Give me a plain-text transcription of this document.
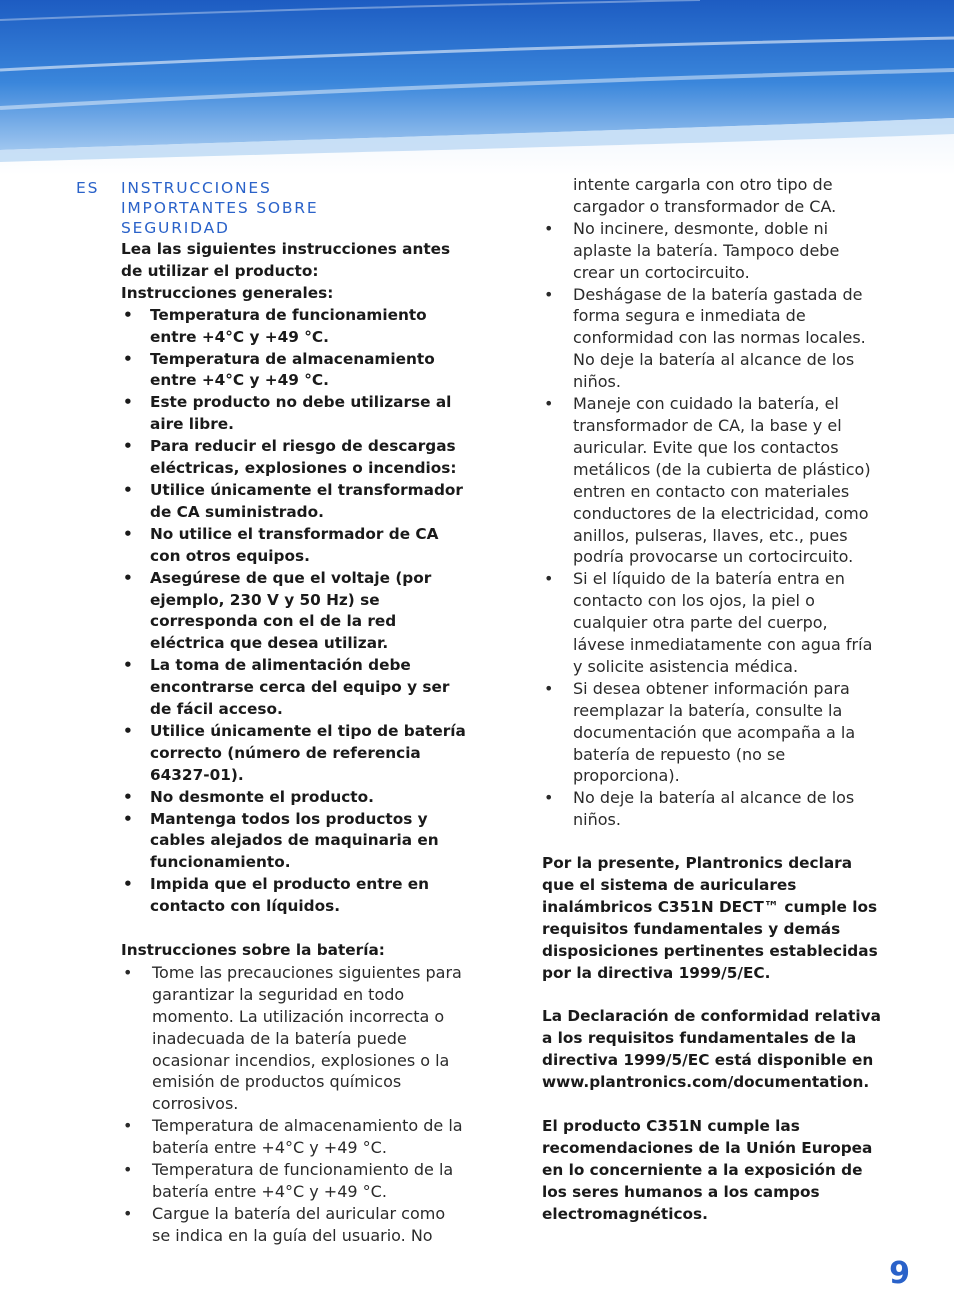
ES INSTRUCCIONES
IMPORTANTES SOBRE
SEGURIDAD

Lea las siguientes instrucciones antes de utilizar el producto:

Instrucciones generales:

• Temperatura de funcionamiento entre +4°C y +49 °C.
• Temperatura de almacenamiento entre +4°C y +49 °C.
• Este producto no debe utilizarse al aire libre.
• Para reducir el riesgo de descargas eléctricas, explosiones o incendios:
• Utilice únicamente el transformador de CA suministrado.
• No utilice el transformador de CA con otros equipos.
• Asegúrese de que el voltaje (por ejemplo, 230 V y 50 Hz) se corresponda con el de la red eléctrica que desea utilizar.
• La toma de alimentación debe encontrarse cerca del equipo y ser de fácil acceso.
• Utilice únicamente el tipo de batería correcto (número de referencia 64327-01).
• No desmonte el producto.
• Mantenga todos los productos y cables alejados de maquinaria en funcionamiento.
• Impida que el producto entre en contacto con líquidos.

Instrucciones sobre la batería:

• Tome las precauciones siguientes para garantizar la seguridad en todo momento. La utilización incorrecta o inadecuada de la batería puede ocasionar incendios, explosiones o la emisión de productos químicos corrosivos.
• Temperatura de almacenamiento de la batería entre +4°C y +49 °C.
• Temperatura de funcionamiento de la batería entre +4°C y +49 °C.
• Cargue la batería del auricular como se indica en la guía del usuario. No

intente cargarla con otro tipo de cargador o transformador de CA.

• No incinere, desmonte, doble ni aplaste la batería. Tampoco debe crear un cortocircuito.
• Deshágase de la batería gastada de forma segura e inmediata de conformidad con las normas locales. No deje la batería al alcance de los niños.
• Maneje con cuidado la batería, el transformador de CA, la base y el auricular. Evite que los contactos metálicos (de la cubierta de plástico) entren en contacto con materiales conductores de la electricidad, como anillos, pulseras, llaves, etc., pues podría provocarse un cortocircuito.
• Si el líquido de la batería entra en contacto con los ojos, la piel o cualquier otra parte del cuerpo, lávese inmediatamente con agua fría y solicite asistencia médica.
• Si desea obtener información para reemplazar la batería, consulte la documentación que acompaña a la batería de repuesto (no se proporciona).
• No deje la batería al alcance de los niños.

Por la presente, Plantronics declara que el sistema de auriculares inalámbricos C351N DECT™ cumple los requisitos fundamentales y demás disposiciones pertinentes establecidas por la directiva 1999/5/EC.

La Declaración de conformidad relativa a los requisitos fundamentales de la directiva 1999/5/EC está disponible en www.plantronics.com/documentation.

El producto C351N cumple las recomendaciones de la Unión Europea en lo concerniente a la exposición de los seres humanos a los campos electromagnéticos.

9
